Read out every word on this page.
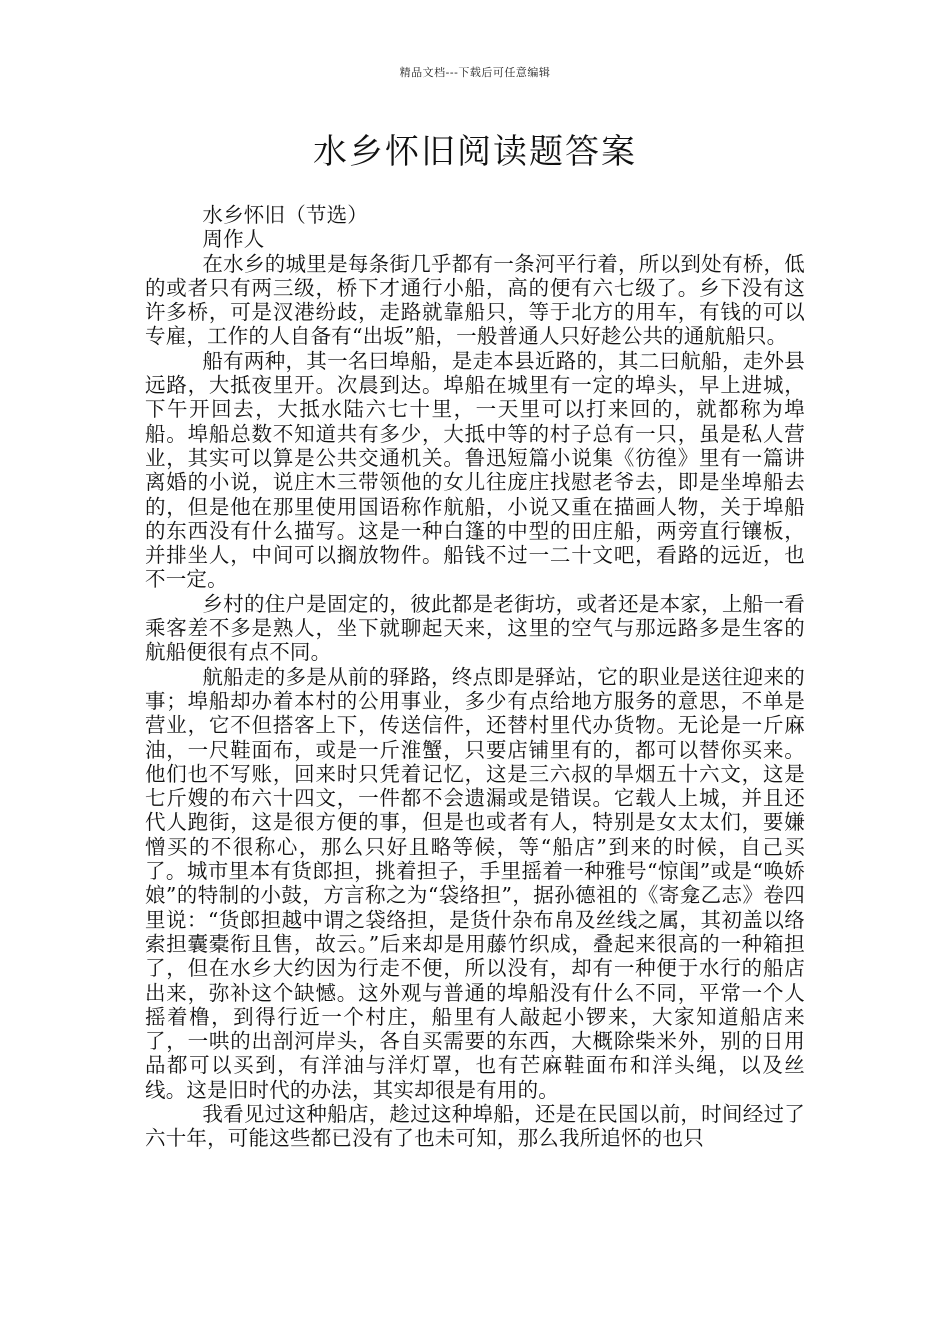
精品文档---下载后可任意编辑
水乡怀旧阅读题答案

水乡怀旧（节选）

周作人

在水乡的城里是每条街几乎都有一条河平行着，所以到处有桥，低的或者只有两三级，桥下才通行小船，高的便有六七级了。乡下没有这许多桥，可是汊港纷歧，走路就靠船只，等于北方的用车，有钱的可以专雇，工作的人自备有“出坂”船，一般普通人只好趁公共的通航船只。

船有两种，其一名曰埠船，是走本县近路的，其二曰航船，走外县远路，大抵夜里开。次晨到达。埠船在城里有一定的埠头，早上进城，下午开回去，大抵水陆六七十里，一天里可以打来回的，就都称为埠船。埠船总数不知道共有多少，大抵中等的村子总有一只，虽是私人营业，其实可以算是公共交通机关。鲁迅短篇小说集《彷徨》里有一篇讲离婚的小说，说庄木三带领他的女儿往庞庄找慰老爷去，即是坐埠船去的，但是他在那里使用国语称作航船，小说又重在描画人物，关于埠船的东西没有什么描写。这是一种白篷的中型的田庄船，两旁直行镶板，并排坐人，中间可以搁放物件。船钱不过一二十文吧，看路的远近，也不一定。

乡村的住户是固定的，彼此都是老街坊，或者还是本家，上船一看乘客差不多是熟人，坐下就聊起天来，这里的空气与那远路多是生客的航船便很有点不同。

航船走的多是从前的驿路，终点即是驿站，它的职业是送往迎来的事；埠船却办着本村的公用事业，多少有点给地方服务的意思，不单是营业，它不但搭客上下，传送信件，还替村里代办货物。无论是一斤麻油，一尺鞋面布，或是一斤淮蟹，只要店铺里有的，都可以替你买来。他们也不写账，回来时只凭着记忆，这是三六叔的旱烟五十六文，这是七斤嫂的布六十四文，一件都不会遗漏或是错误。它载人上城，并且还代人跑街，这是很方便的事，但是也或者有人，特别是女太太们，要嫌憎买的不很称心，那么只好且略等候，等“船店”到来的时候，自己买了。城市里本有货郎担，挑着担子，手里摇着一种雅号“惊闺”或是“唤娇娘”的特制的小鼓，方言称之为“袋络担”，据孙德祖的《寄龛乙志》卷四里说：“货郎担越中谓之袋络担，是货什杂布帛及丝线之属，其初盖以络索担囊橐衔且售，故云。”后来却是用藤竹织成，叠起来很高的一种箱担了，但在水乡大约因为行走不便，所以没有，却有一种便于水行的船店出来，弥补这个缺憾。这外观与普通的埠船没有什么不同，平常一个人摇着橹，到得行近一个村庄，船里有人敲起小锣来，大家知道船店来了，一哄的出剖河岸头，各自买需要的东西，大概除柴米外，别的日用品都可以买到，有洋油与洋灯罩，也有芒麻鞋面布和洋头绳，以及丝线。这是旧时代的办法，其实却很是有用的。

我看见过这种船店，趁过这种埠船，还是在民国以前，时间经过了六十年，可能这些都已没有了也未可知，那么我所追怀的也只
